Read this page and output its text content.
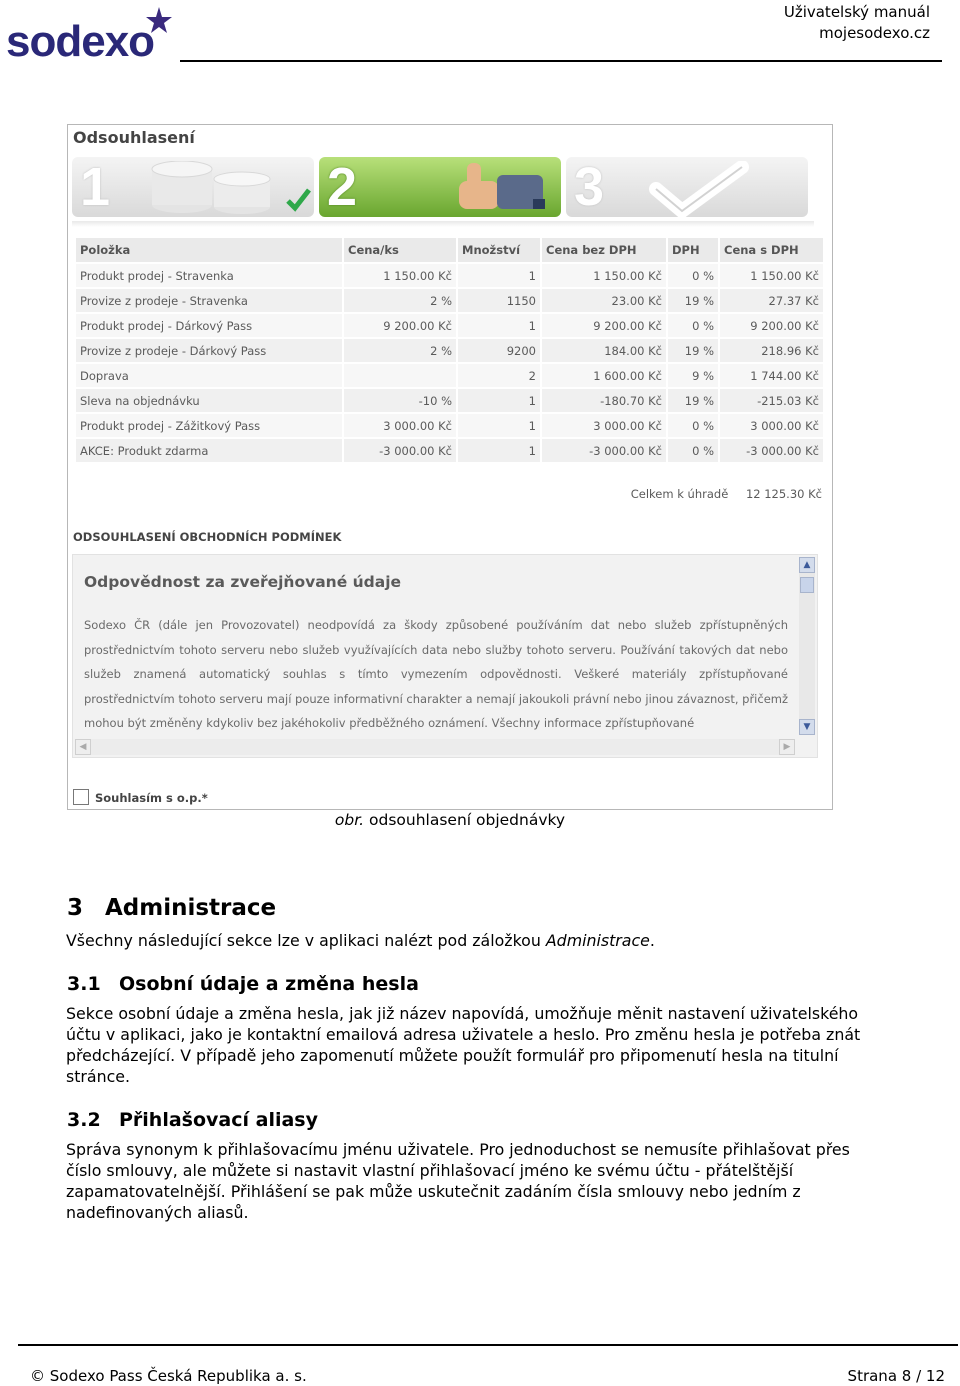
sodexo
Uživatelský manuál
mojesodexo.cz
Odsouhlasení
1	2	3
Položka	Cena/ks	Množství	Cena bez DPH	DPH	Cena s DPH
Produkt prodej - Stravenka	1 150.00 Kč	1	1 150.00 Kč	0 %	1 150.00 Kč
Provize z prodeje - Stravenka	2 %	1150	23.00 Kč	19 %	27.37 Kč
Produkt prodej - Dárkový Pass	9 200.00 Kč	1	9 200.00 Kč	0 %	9 200.00 Kč
Provize z prodeje - Dárkový Pass	2 %	9200	184.00 Kč	19 %	218.96 Kč
Doprava		2	1 600.00 Kč	9 %	1 744.00 Kč
Sleva na objednávku	-10 %	1	-180.70 Kč	19 %	-215.03 Kč
Produkt prodej - Zážitkový Pass	3 000.00 Kč	1	3 000.00 Kč	0 %	3 000.00 Kč
AKCE: Produkt zdarma	-3 000.00 Kč	1	-3 000.00 Kč	0 %	-3 000.00 Kč
Celkem k úhradě 12 125.30 Kč
ODSOUHLASENÍ OBCHODNÍCH PODMÍNEK
Odpovědnost za zveřejňované údaje
Sodexo ČR (dále jen Provozovatel) neodpovídá za škody způsobené používáním dat nebo služeb zpřístupněných prostřednictvím tohoto serveru nebo služeb využívajících data nebo služby tohoto serveru. Používání takových dat nebo služeb znamená automatický souhlas s tímto vymezením odpovědnosti. Veškeré materiály zpřístupňované prostřednictvím tohoto serveru mají pouze informativní charakter a nemají jakoukoli právní nebo jinou závaznost, přičemž mohou být změněny kdykoliv bez jakéhokoliv předběžného oznámení. Všechny informace zpřístupňované
▲
▼
◀	▶
Souhlasím s o.p.*
obr. odsouhlasení objednávky
3 Administrace
Všechny následující sekce lze v aplikaci nalézt pod záložkou Administrace.
3.1 Osobní údaje a změna hesla
Sekce osobní údaje a změna hesla, jak již název napovídá, umožňuje měnit nastavení uživatelského účtu v aplikaci, jako je kontaktní emailová adresa uživatele a heslo. Pro změnu hesla je potřeba znát předcházející. V případě jeho zapomenutí můžete použít formulář pro připomenutí hesla na titulní stránce.
3.2 Přihlašovací aliasy
Správa synonym k přihlašovacímu jménu uživatele. Pro jednoduchost se nemusíte přihlašovat přes číslo smlouvy, ale můžete si nastavit vlastní přihlašovací jméno ke svému účtu - přátelštější zapamatovatelnější. Přihlášení se pak může uskutečnit zadáním čísla smlouvy nebo jedním z nadefinovaných aliasů.
© Sodexo Pass Česká Republika a. s.	Strana 8 / 12
